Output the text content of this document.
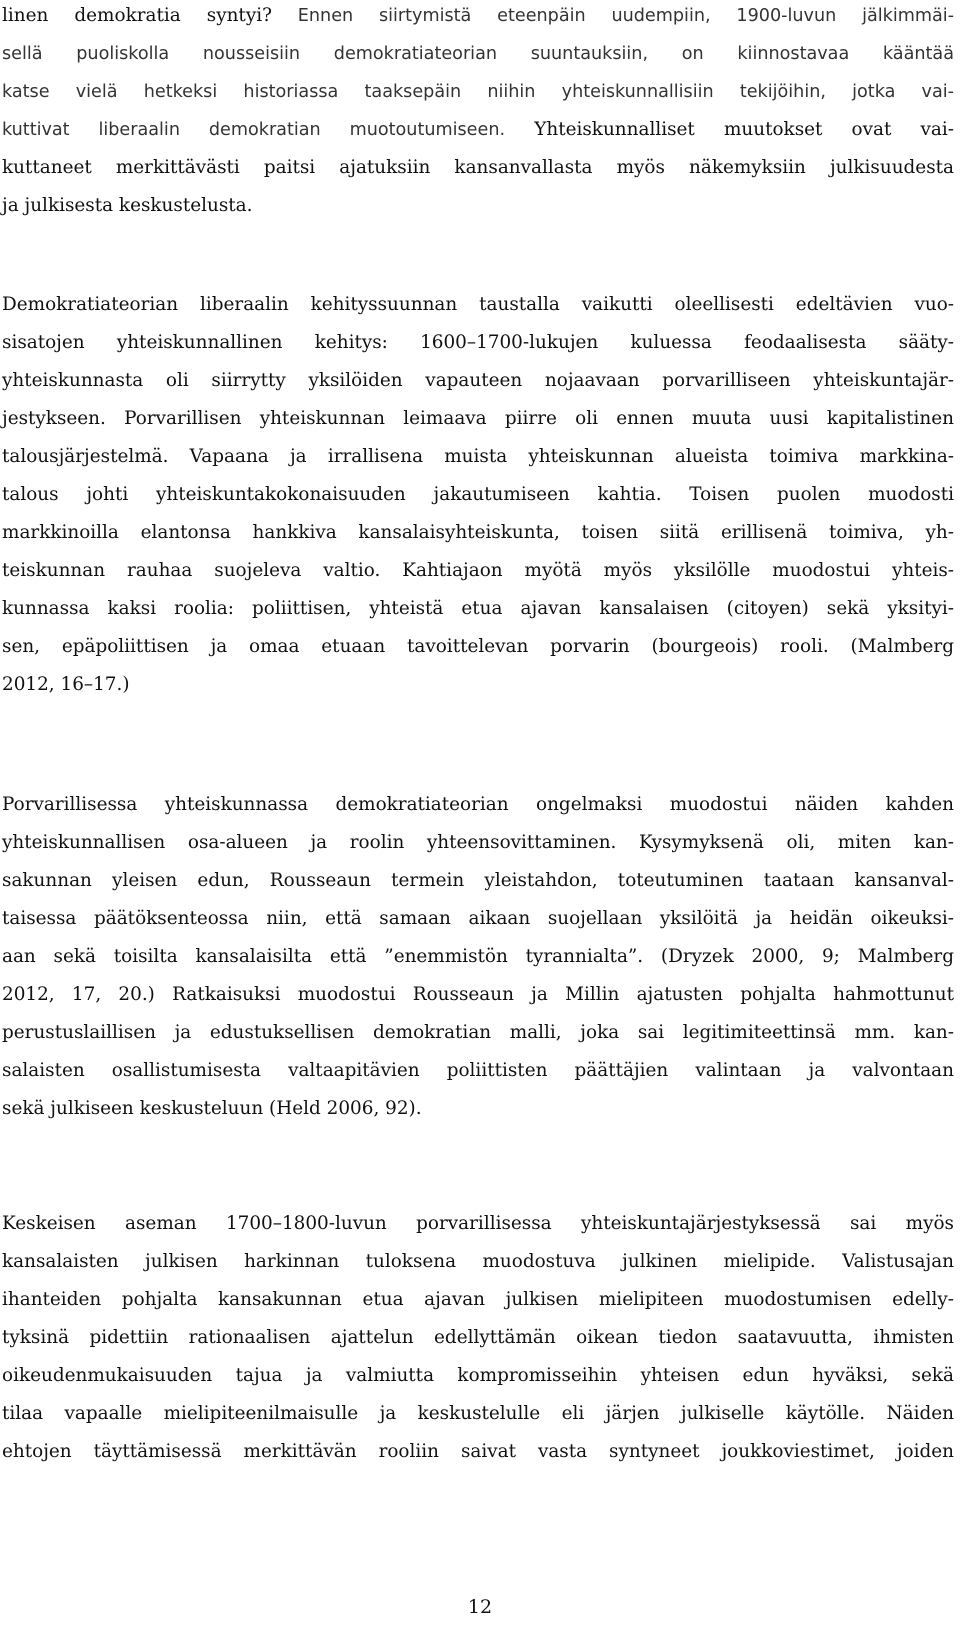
linen demokratia syntyi? Ennen siirtymistä eteenpäin uudempiin, 1900-luvun jälkimmäi-
sellä puoliskolla nousseisiin demokratiateorian suuntauksiin, on kiinnostavaa kääntää
katse vielä hetkeksi historiassa taaksepäin niihin yhteiskunnallisiin tekijöihin, jotka vai-
kuttivat liberaalin demokratian muotoutumiseen. Yhteiskunnalliset muutokset ovat vai-
kuttaneet merkittävästi paitsi ajatuksiin kansanvallasta myös näkemyksiin julkisuudesta
ja julkisesta keskustelusta.
Demokratiateorian liberaalin kehityssuunnan taustalla vaikutti oleellisesti edeltävien vuo-
sisatojen yhteiskunnallinen kehitys: 1600–1700-lukujen kuluessa feodaalisesta sääty-
yhteiskunnasta oli siirrytty yksilöiden vapauteen nojaavaan porvarilliseen yhteiskuntajär-
jestykseen. Porvarillisen yhteiskunnan leimaava piirre oli ennen muuta uusi kapitalistinen
talousjärjestelmä. Vapaana ja irrallisena muista yhteiskunnan alueista toimiva markkina-
talous johti yhteiskuntakokonaisuuden jakautumiseen kahtia. Toisen puolen muodosti
markkinoilla elantonsa hankkiva kansalaisyhteiskunta, toisen siitä erillisenä toimiva, yh-
teiskunnan rauhaa suojeleva valtio. Kahtiajaon myötä myös yksilölle muodostui yhteis-
kunnassa kaksi roolia: poliittisen, yhteistä etua ajavan kansalaisen (citoyen) sekä yksityi-
sen, epäpoliittisen ja omaa etuaan tavoittelevan porvarin (bourgeois) rooli. (Malmberg
2012, 16–17.)
Porvarillisessa yhteiskunnassa demokratiateorian ongelmaksi muodostui näiden kahden
yhteiskunnallisen osa-alueen ja roolin yhteensovittaminen. Kysymyksenä oli, miten kan-
sakunnan yleisen edun, Rousseaun termein yleistahdon, toteutuminen taataan kansanval-
taisessa päätöksenteossa niin, että samaan aikaan suojellaan yksilöitä ja heidän oikeuksi-
aan sekä toisilta kansalaisilta että ”enemmistön tyrannialta”. (Dryzek 2000, 9; Malmberg
2012, 17, 20.) Ratkaisuksi muodostui Rousseaun ja Millin ajatusten pohjalta hahmottunut
perustuslaillisen ja edustuksellisen demokratian malli, joka sai legitimiteettinsä mm. kan-
salaisten osallistumisesta valtaapitävien poliittisten päättäjien valintaan ja valvontaan
sekä julkiseen keskusteluun (Held 2006, 92).
Keskeisen aseman 1700–1800-luvun porvarillisessa yhteiskuntajärjestyksessä sai myös
kansalaisten julkisen harkinnan tuloksena muodostuva julkinen mielipide. Valistusajan
ihanteiden pohjalta kansakunnan etua ajavan julkisen mielipiteen muodostumisen edelly-
tyksinä pidettiin rationaalisen ajattelun edellyttämän oikean tiedon saatavuutta, ihmisten
oikeudenmukaisuuden tajua ja valmiutta kompromisseihin yhteisen edun hyväksi, sekä
tilaa vapaalle mielipiteenilmaisulle ja keskustelulle eli järjen julkiselle käytölle. Näiden
ehtojen täyttämisessä merkittävän rooliin saivat vasta syntyneet joukkoviestimet, joiden
12
